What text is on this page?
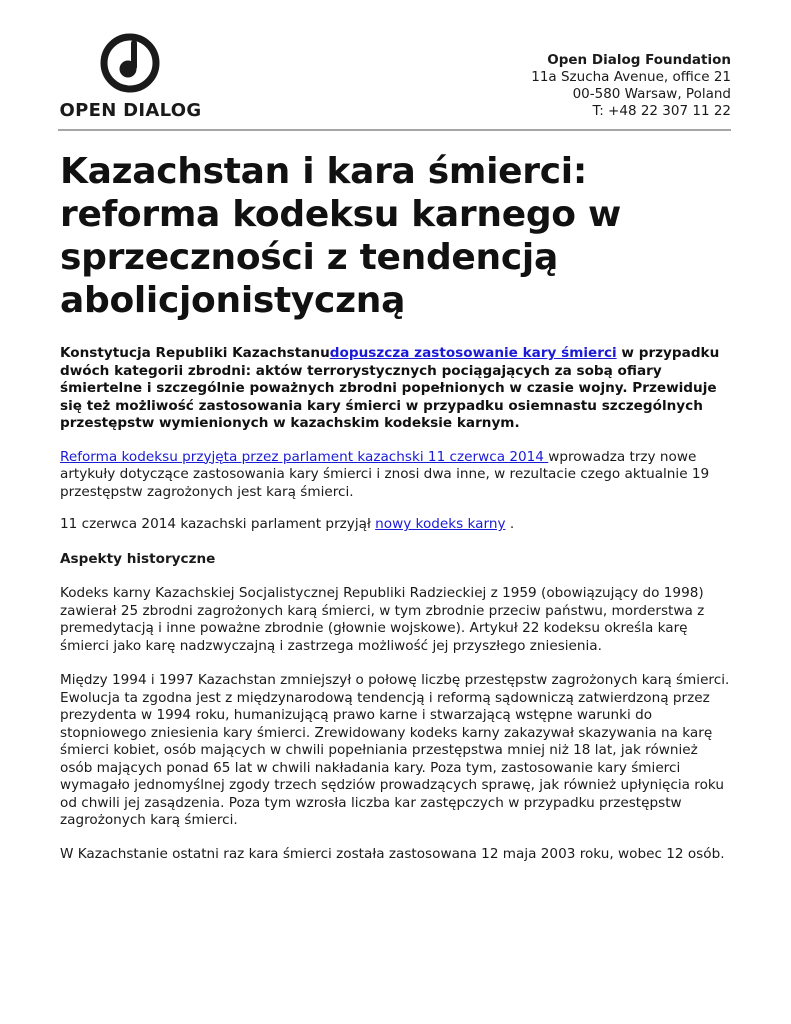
OPEN DIALOG
Open Dialog Foundation
11a Szucha Avenue, office 21
00-580 Warsaw, Poland
T: +48 22 307 11 22
Kazachstan i kara śmierci: reforma kodeksu karnego w sprzeczności z tendencją abolicjonistyczną

Konstytucja Republiki Kazachstanudopuszcza zastosowanie kary śmierci w przypadku dwóch kategorii zbrodni: aktów terrorystycznych pociągających za sobą ofiary śmiertelne i szczególnie poważnych zbrodni popełnionych w czasie wojny. Przewiduje się też możliwość zastosowania kary śmierci w przypadku osiemnastu szczególnych przestępstw wymienionych w kazachskim kodeksie karnym.

Reforma kodeksu przyjęta przez parlament kazachski 11 czerwca 2014 wprowadza trzy nowe artykuły dotyczące zastosowania kary śmierci i znosi dwa inne, w rezultacie czego aktualnie 19 przestępstw zagrożonych jest karą śmierci.

11 czerwca 2014 kazachski parlament przyjął nowy kodeks karny .

Aspekty historyczne

Kodeks karny Kazachskiej Socjalistycznej Republiki Radzieckiej z 1959 (obowiązujący do 1998) zawierał 25 zbrodni zagrożonych karą śmierci, w tym zbrodnie przeciw państwu, morderstwa z premedytacją i inne poważne zbrodnie (głownie wojskowe). Artykuł 22 kodeksu określa karę śmierci jako karę nadzwyczajną i zastrzega możliwość jej przyszłego zniesienia.

Między 1994 i 1997 Kazachstan zmniejszył o połowę liczbę przestępstw zagrożonych karą śmierci. Ewolucja ta zgodna jest z międzynarodową tendencją i reformą sądowniczą zatwierdzoną przez prezydenta w 1994 roku, humanizującą prawo karne i stwarzającą wstępne warunki do stopniowego zniesienia kary śmierci. Zrewidowany kodeks karny zakazywał skazywania na karę śmierci kobiet, osób mających w chwili popełniania przestępstwa mniej niż 18 lat, jak również osób mających ponad 65 lat w chwili nakładania kary. Poza tym, zastosowanie kary śmierci wymagało jednomyślnej zgody trzech sędziów prowadzących sprawę, jak również upłynięcia roku od chwili jej zasądzenia. Poza tym wzrosła liczba kar zastępczych w przypadku przestępstw zagrożonych karą śmierci.

W Kazachstanie ostatni raz kara śmierci została zastosowana 12 maja 2003 roku, wobec 12 osób.
